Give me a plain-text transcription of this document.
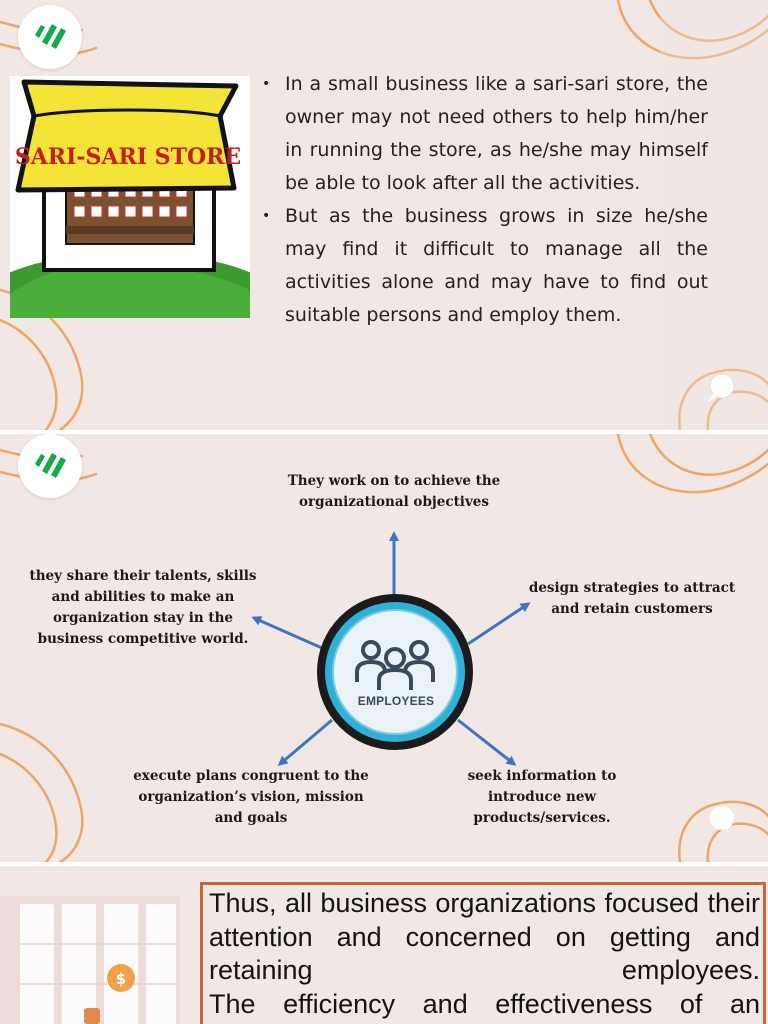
SARI-SARI STORE
• In a small business like a sari-sari store, the owner may not need others to help him/her in running the store, as he/she may himself be able to look after all the activities.
• But as the business grows in size he/she may find it difficult to manage all the activities alone and may have to find out suitable persons and employ them.
EMPLOYEES
They work on to achieve the organizational objectives
they share their talents, skills and abilities to make an organization stay in the business competitive world.
design strategies to attract and retain customers
execute plans congruent to the organization’s vision, mission and goals
seek information to introduce new products/services.
$

Thus, all business organizations focused their attention and concerned on getting and retaining employees.

The efficiency and effectiveness of an
